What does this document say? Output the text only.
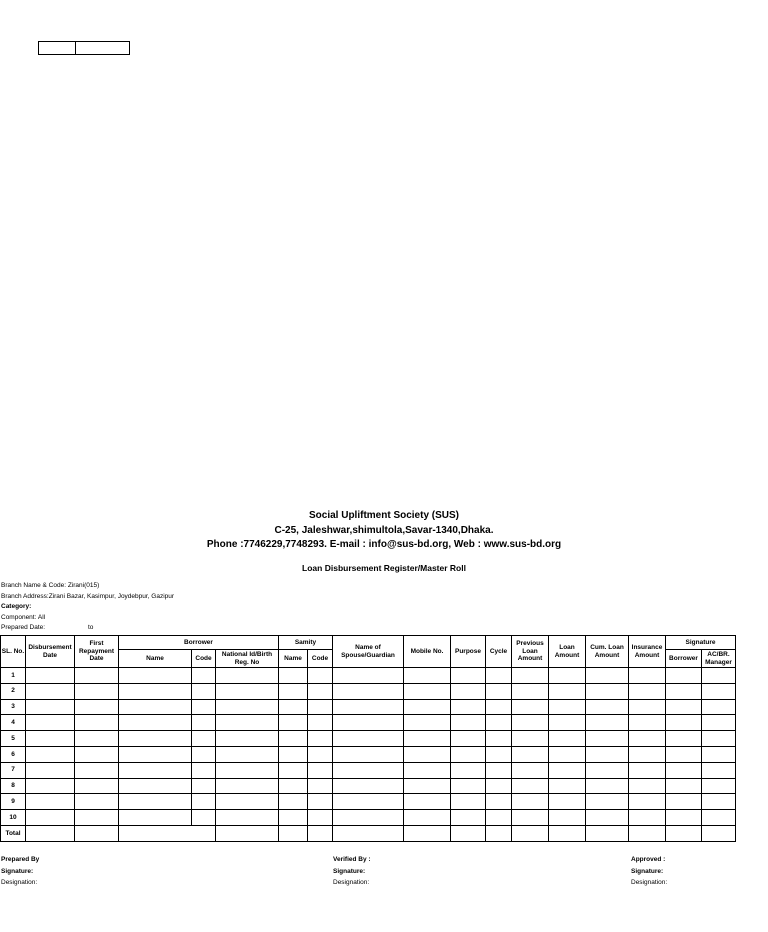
Social Upliftment Society (SUS)
C-25, Jaleshwar,shimultola,Savar-1340,Dhaka.
Phone :7746229,7748293. E-mail : info@sus-bd.org, Web : www.sus-bd.org
Loan Disbursement Register/Master Roll
Branch Name & Code: Zirani(015)
Branch Address:Zirani Bazar, Kasimpur, Joydebpur, Gazipur
Category:
Component: All
Prepared Date:	to
SL. No.	Disbursement Date	First Repayment Date	Borrower			Samity		Name of Spouse/Guardian	Mobile No.	Purpose	Cycle	Previous Loan Amount	Loan Amount	Cum. Loan Amount	Insurance Amount	Signature	
			Name	Code	National Id/Birth Reg. No	Name	Code									Borrower	AC/BR. Manager
1																	
2																	
3																	
4																	
5																	
6																	
7																	
8																	
9																	
10																	
Total																	
Prepared By
Signature:
Designation:
Verified By :
Signature:
Designation:
Approved :
Signature:
Designation:
